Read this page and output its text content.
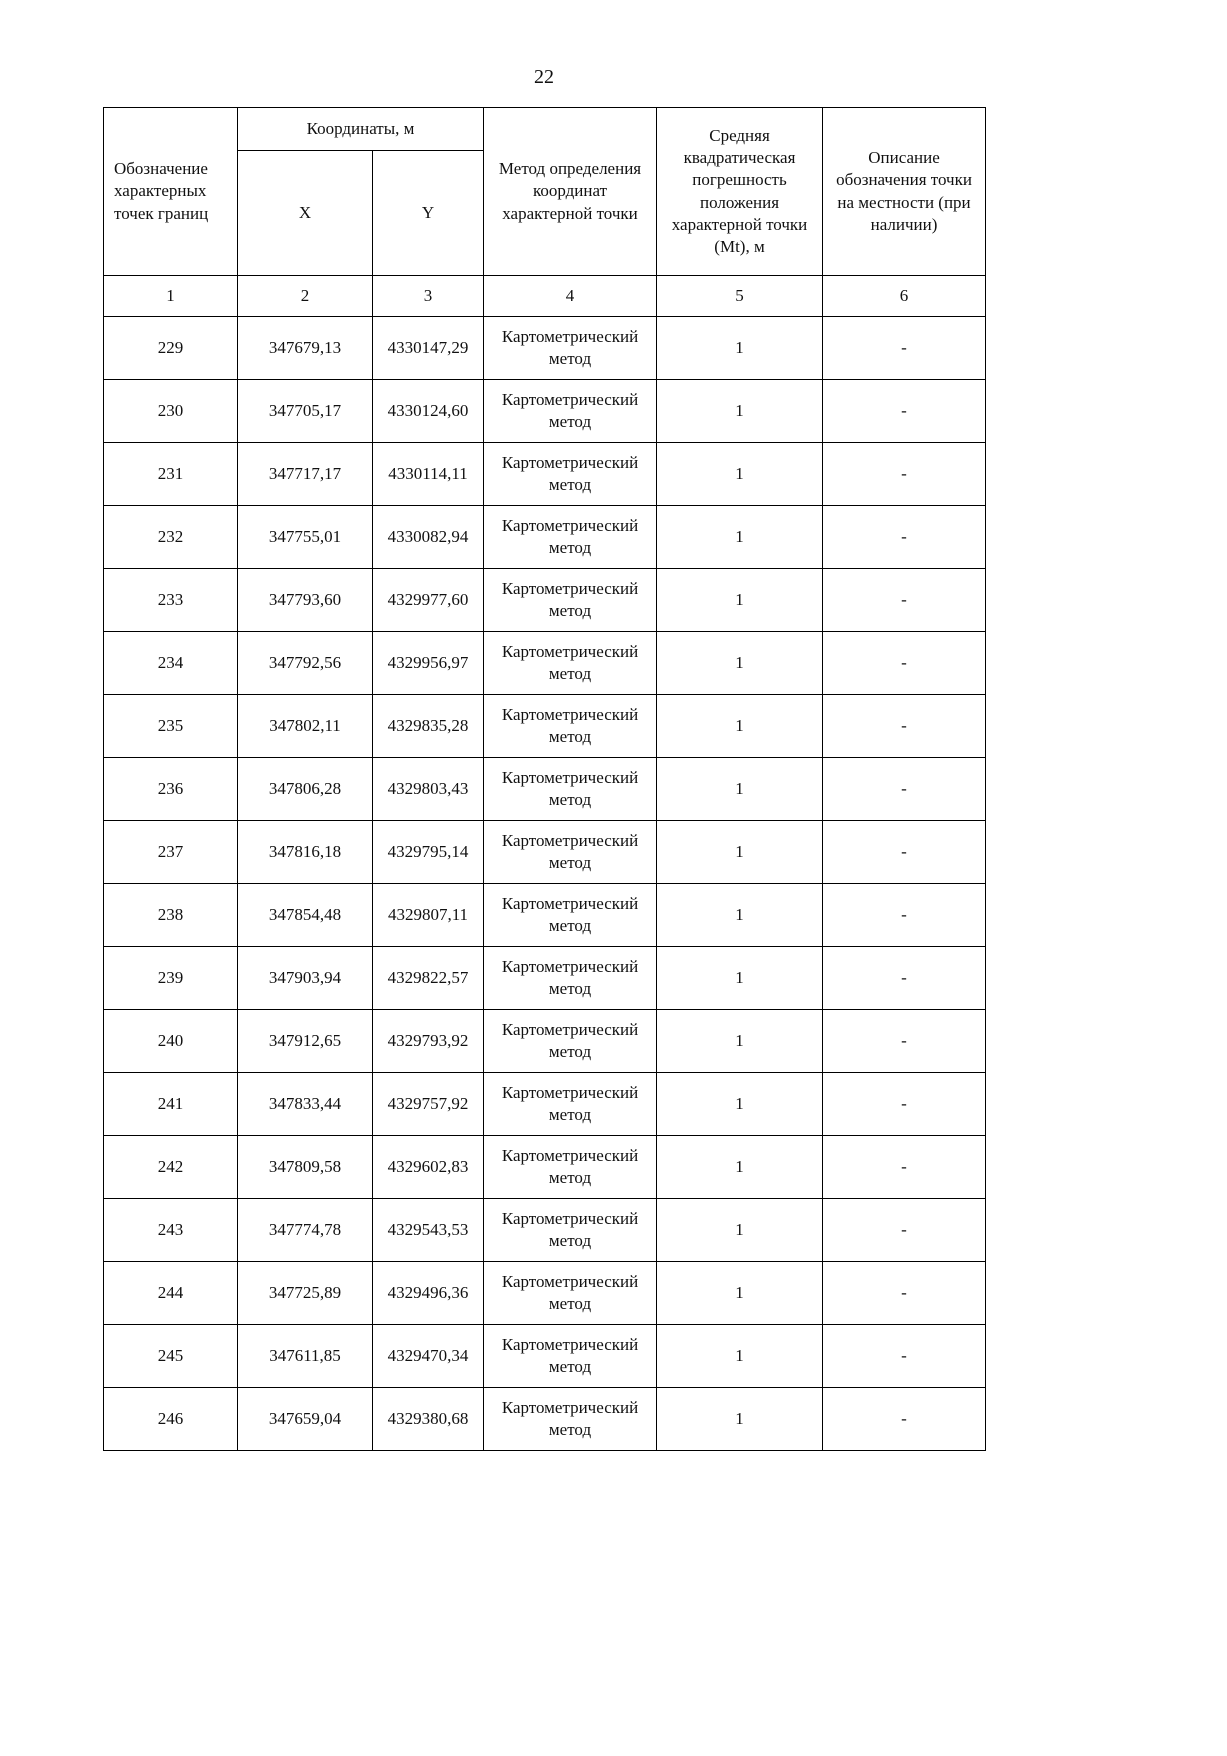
22
Обозначение характерных точек границ	Координаты, м		Метод определения координат характерной точки	Средняя квадратическая погрешность положения характерной точки (Мt), м	Описание обозначения точки на местности (при наличии)
	X	Y			
1	2	3	4	5	6
229	347679,13	4330147,29	Картометрический метод	1	-
230	347705,17	4330124,60	Картометрический метод	1	-
231	347717,17	4330114,11	Картометрический метод	1	-
232	347755,01	4330082,94	Картометрический метод	1	-
233	347793,60	4329977,60	Картометрический метод	1	-
234	347792,56	4329956,97	Картометрический метод	1	-
235	347802,11	4329835,28	Картометрический метод	1	-
236	347806,28	4329803,43	Картометрический метод	1	-
237	347816,18	4329795,14	Картометрический метод	1	-
238	347854,48	4329807,11	Картометрический метод	1	-
239	347903,94	4329822,57	Картометрический метод	1	-
240	347912,65	4329793,92	Картометрический метод	1	-
241	347833,44	4329757,92	Картометрический метод	1	-
242	347809,58	4329602,83	Картометрический метод	1	-
243	347774,78	4329543,53	Картометрический метод	1	-
244	347725,89	4329496,36	Картометрический метод	1	-
245	347611,85	4329470,34	Картометрический метод	1	-
246	347659,04	4329380,68	Картометрический метод	1	-
